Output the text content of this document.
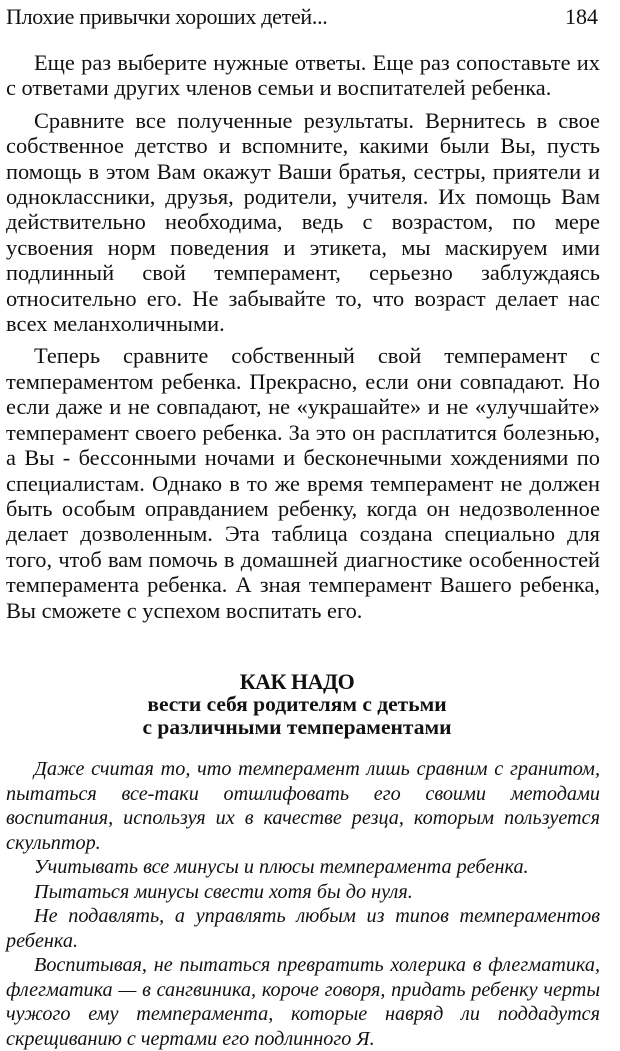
Плохие привычки хороших детей...	184

Еще раз выберите нужные ответы. Еще раз сопоставьте их с ответами других членов семьи и воспитателей ребенка.

Сравните все полученные результаты. Вернитесь в свое собственное детство и вспомните, какими были Вы, пусть помощь в этом Вам окажут Ваши братья, сестры, приятели и одноклассники, друзья, родители, учителя. Их помощь Вам действительно необходима, ведь с возрастом, по мере усвоения норм поведения и этикета, мы маскируем ими подлинный свой темперамент, серьезно заблуждаясь относительно его. Не забывайте то, что возраст делает нас всех меланхоличными.

Теперь сравните собственный свой темперамент с темпераментом ребенка. Прекрасно, если они совпадают. Но если даже и не совпадают, не «украшайте» и не «улучшайте» темперамент своего ребенка. За это он расплатится болезнью, а Вы - бессонными ночами и бесконечными хождениями по специалистам. Однако в то же время темперамент не должен быть особым оправданием ребенку, когда он недозволенное делает дозволенным. Эта таблица создана специально для того, чтоб вам помочь в домашней диагностике особенностей темперамента ребенка. А зная темперамент Вашего ребенка, Вы сможете с успехом воспитать его.

КАК НАДО
вести себя родителям с детьми
с различными темпераментами

Даже считая то, что темперамент лишь сравним с гранитом, пытаться все-таки отшлифовать его своими методами воспитания, используя их в качестве резца, которым пользуется скульптор.

Учитывать все минусы и плюсы темперамента ребенка.

Пытаться минусы свести хотя бы до нуля.

Не подавлять, а управлять любым из типов темпераментов ребенка.

Воспитывая, не пытаться превратить холерика в флегматика, флегматика — в сангвиника, короче говоря, придать ребенку черты чужого ему темперамента, которые навряд ли поддадутся скрещиванию с чертами его подлинного Я.
